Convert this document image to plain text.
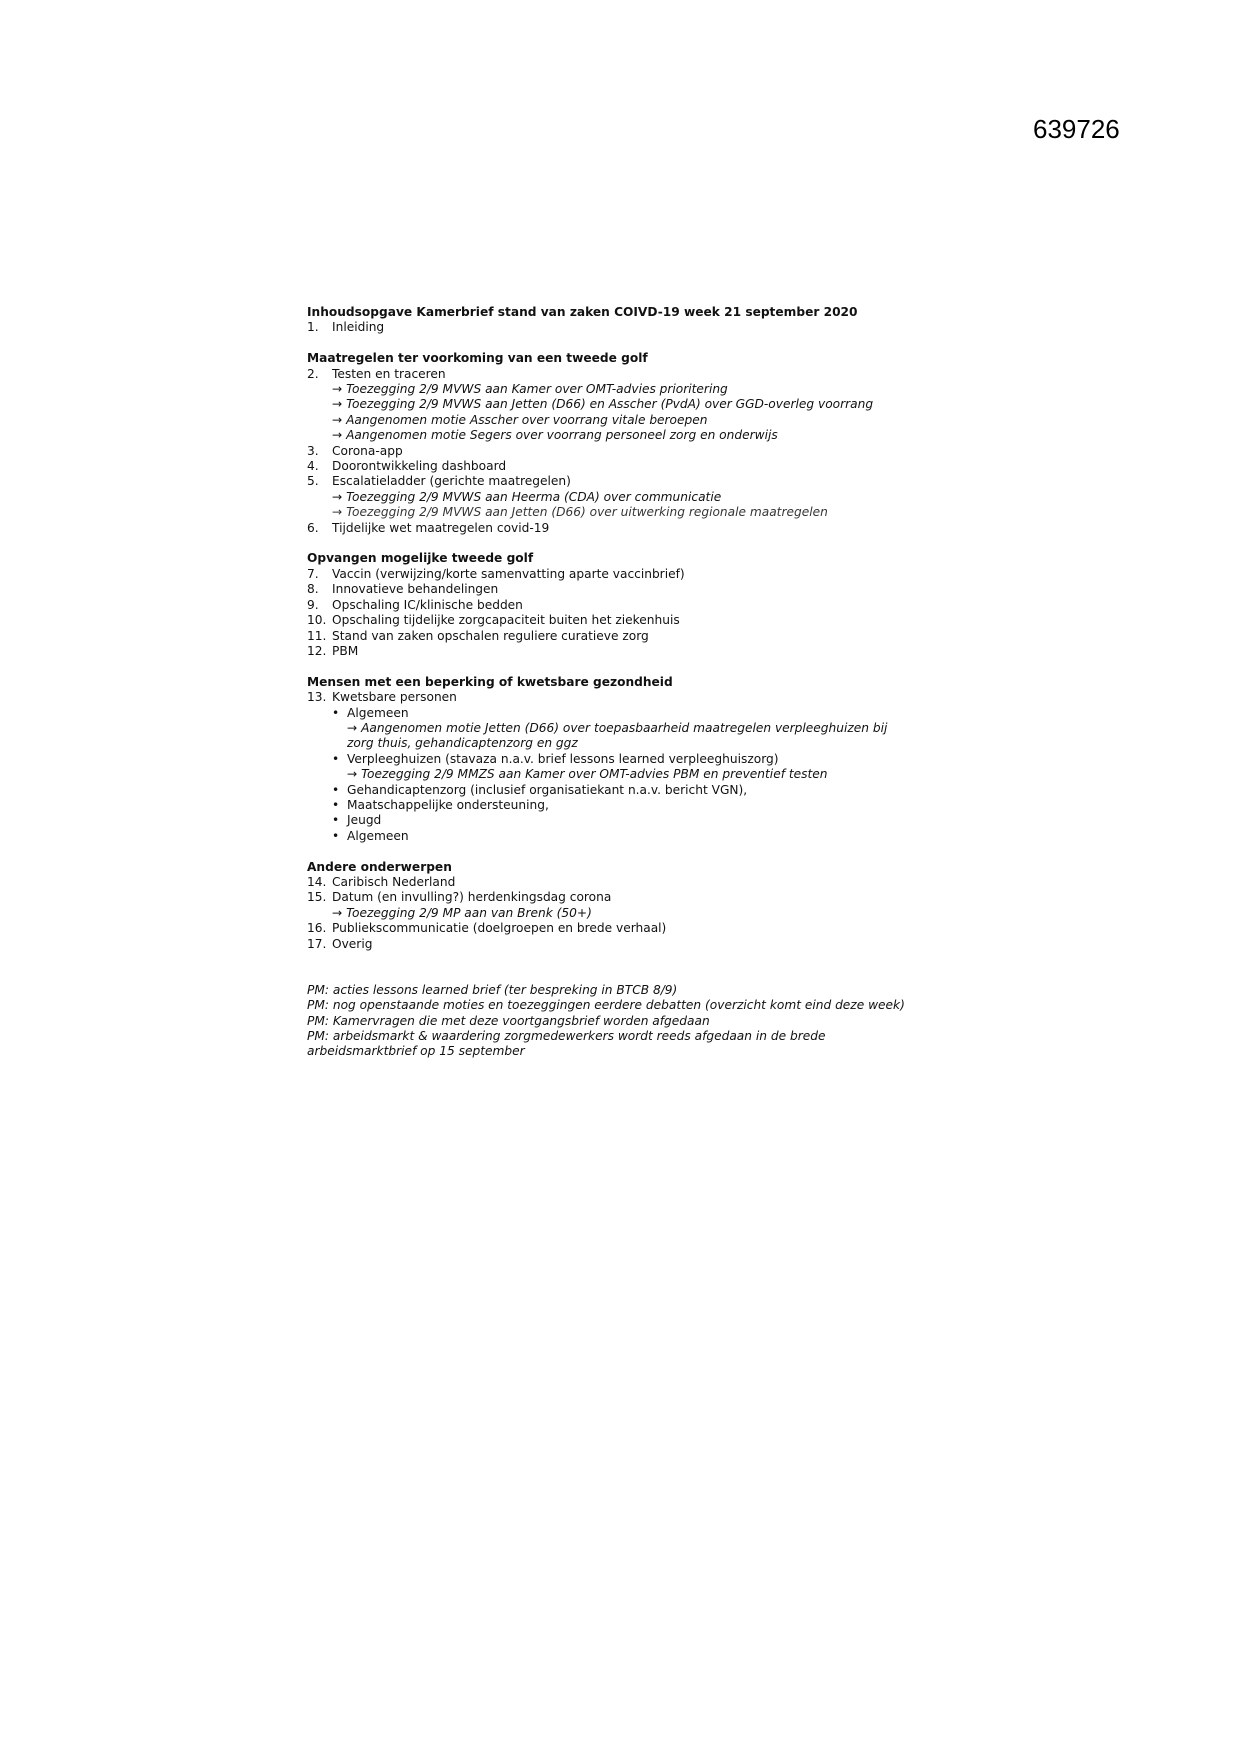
639726
Inhoudsopgave Kamerbrief stand van zaken COIVD-19 week 21 september 2020
1. Inleiding
Maatregelen ter voorkoming van een tweede golf
2. Testen en traceren
→ Toezegging 2/9 MVWS aan Kamer over OMT-advies prioritering
→ Toezegging 2/9 MVWS aan Jetten (D66) en Asscher (PvdA) over GGD-overleg voorrang
→ Aangenomen motie Asscher over voorrang vitale beroepen
→ Aangenomen motie Segers over voorrang personeel zorg en onderwijs
3. Corona-app
4. Doorontwikkeling dashboard
5. Escalatieladder (gerichte maatregelen)
→ Toezegging 2/9 MVWS aan Heerma (CDA) over communicatie
→ Toezegging 2/9 MVWS aan Jetten (D66) over uitwerking regionale maatregelen
6. Tijdelijke wet maatregelen covid-19
Opvangen mogelijke tweede golf
7. Vaccin (verwijzing/korte samenvatting aparte vaccinbrief)
8. Innovatieve behandelingen
9. Opschaling IC/klinische bedden
10. Opschaling tijdelijke zorgcapaciteit buiten het ziekenhuis
11. Stand van zaken opschalen reguliere curatieve zorg
12. PBM
Mensen met een beperking of kwetsbare gezondheid
13. Kwetsbare personen
• Algemeen
→ Aangenomen motie Jetten (D66) over toepasbaarheid maatregelen verpleeghuizen bij
zorg thuis, gehandicaptenzorg en ggz
• Verpleeghuizen (stavaza n.a.v. brief lessons learned verpleeghuiszorg)
→ Toezegging 2/9 MMZS aan Kamer over OMT-advies PBM en preventief testen
• Gehandicaptenzorg (inclusief organisatiekant n.a.v. bericht VGN),
• Maatschappelijke ondersteuning,
• Jeugd
• Algemeen
Andere onderwerpen
14. Caribisch Nederland
15. Datum (en invulling?) herdenkingsdag corona
→ Toezegging 2/9 MP aan van Brenk (50+)
16. Publiekscommunicatie (doelgroepen en brede verhaal)
17. Overig
PM: acties lessons learned brief (ter bespreking in BTCB 8/9)
PM: nog openstaande moties en toezeggingen eerdere debatten (overzicht komt eind deze week)
PM: Kamervragen die met deze voortgangsbrief worden afgedaan
PM: arbeidsmarkt & waardering zorgmedewerkers wordt reeds afgedaan in de brede
arbeidsmarktbrief op 15 september
